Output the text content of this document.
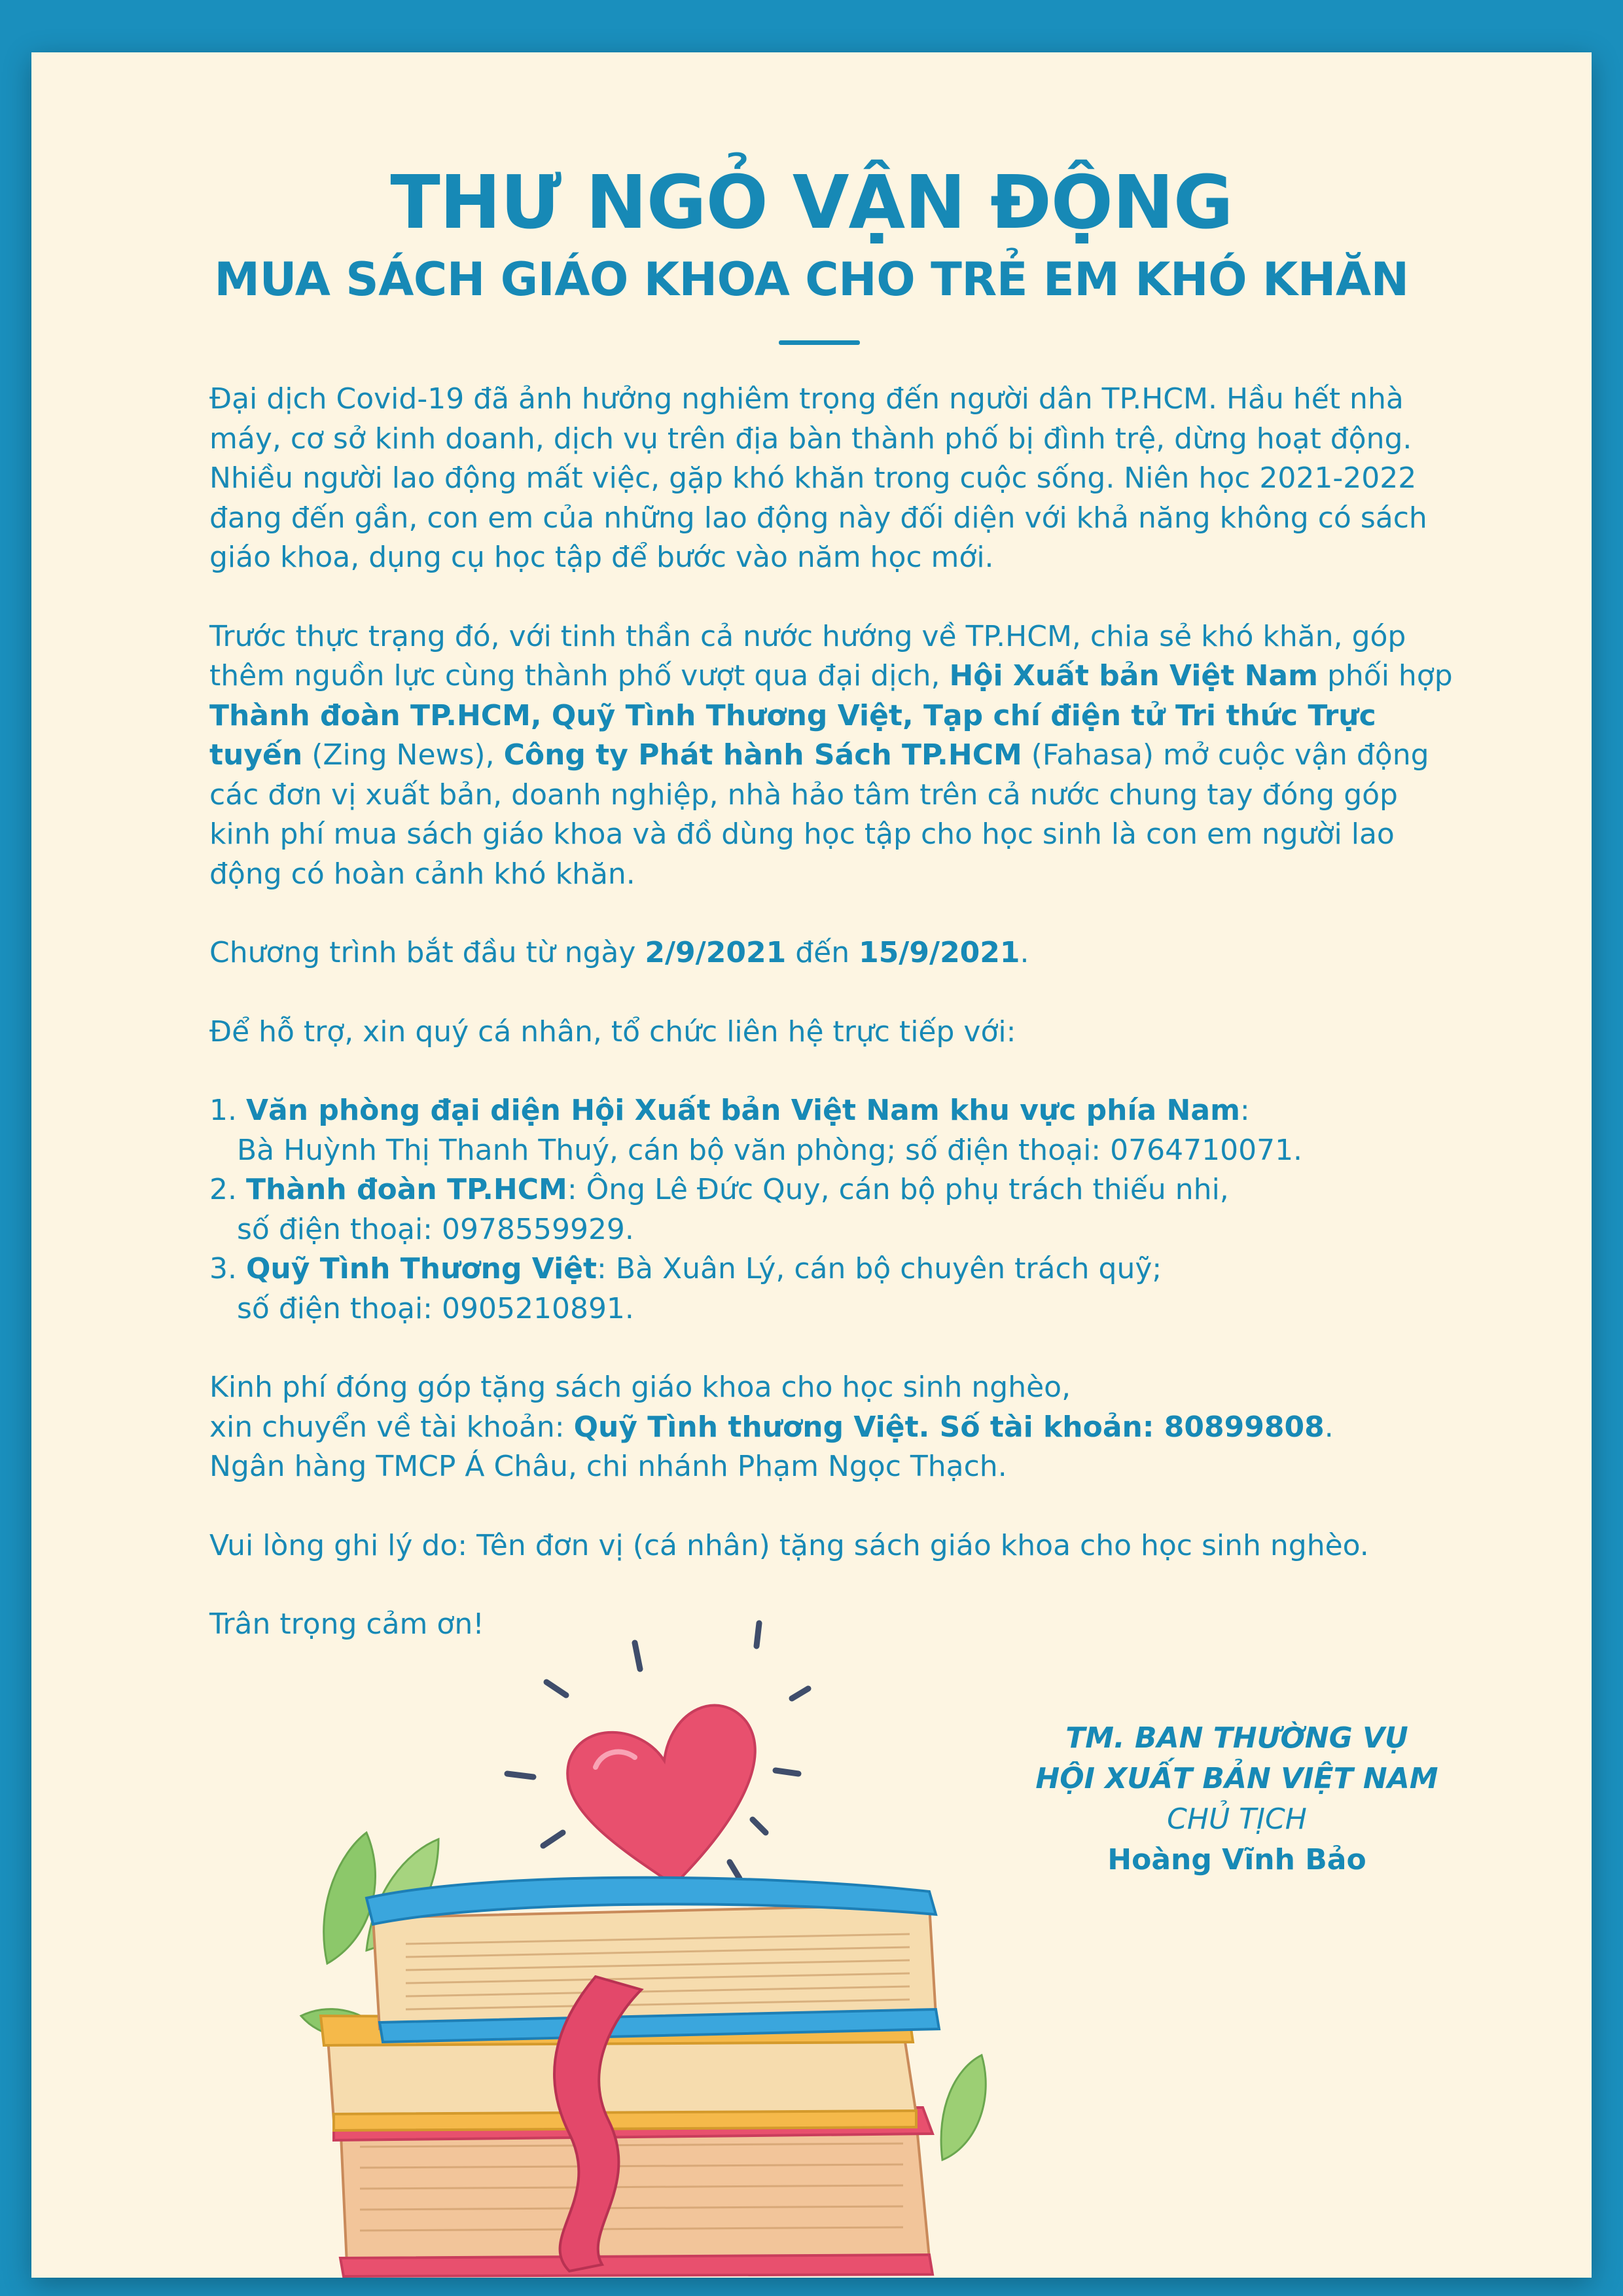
THƯ NGỎ VẬN ĐỘNG
MUA SÁCH GIÁO KHOA CHO TRẺ EM KHÓ KHĂN

Đại dịch Covid-19 đã ảnh hưởng nghiêm trọng đến người dân TP.HCM. Hầu hết nhà máy, cơ sở kinh doanh, dịch vụ trên địa bàn thành phố bị đình trệ, dừng hoạt động. Nhiều người lao động mất việc, gặp khó khăn trong cuộc sống. Niên học 2021-2022 đang đến gần, con em của những lao động này đối diện với khả năng không có sách giáo khoa, dụng cụ học tập để bước vào năm học mới.

Trước thực trạng đó, với tinh thần cả nước hướng về TP.HCM, chia sẻ khó khăn, góp thêm nguồn lực cùng thành phố vượt qua đại dịch, Hội Xuất bản Việt Nam phối hợp Thành đoàn TP.HCM, Quỹ Tình Thương Việt, Tạp chí điện tử Tri thức Trực tuyến (Zing News), Công ty Phát hành Sách TP.HCM (Fahasa) mở cuộc vận động các đơn vị xuất bản, doanh nghiệp, nhà hảo tâm trên cả nước chung tay đóng góp kinh phí mua sách giáo khoa và đồ dùng học tập cho học sinh là con em người lao động có hoàn cảnh khó khăn.

Chương trình bắt đầu từ ngày 2/9/2021 đến 15/9/2021.

Để hỗ trợ, xin quý cá nhân, tổ chức liên hệ trực tiếp với:

1. Văn phòng đại diện Hội Xuất bản Việt Nam khu vực phía Nam:
Bà Huỳnh Thị Thanh Thuý, cán bộ văn phòng; số điện thoại: 0764710071.
2. Thành đoàn TP.HCM: Ông Lê Đức Quy, cán bộ phụ trách thiếu nhi,
số điện thoại: 0978559929.
3. Quỹ Tình Thương Việt: Bà Xuân Lý, cán bộ chuyên trách quỹ;
số điện thoại: 0905210891.

Kinh phí đóng góp tặng sách giáo khoa cho học sinh nghèo,
xin chuyển về tài khoản: Quỹ Tình thương Việt. Số tài khoản: 80899808.
Ngân hàng TMCP Á Châu, chi nhánh Phạm Ngọc Thạch.

Vui lòng ghi lý do: Tên đơn vị (cá nhân) tặng sách giáo khoa cho học sinh nghèo.

Trân trọng cảm ơn!

TM. BAN THƯỜNG VỤ
HỘI XUẤT BẢN VIỆT NAM
CHỦ TỊCH
Hoàng Vĩnh Bảo
